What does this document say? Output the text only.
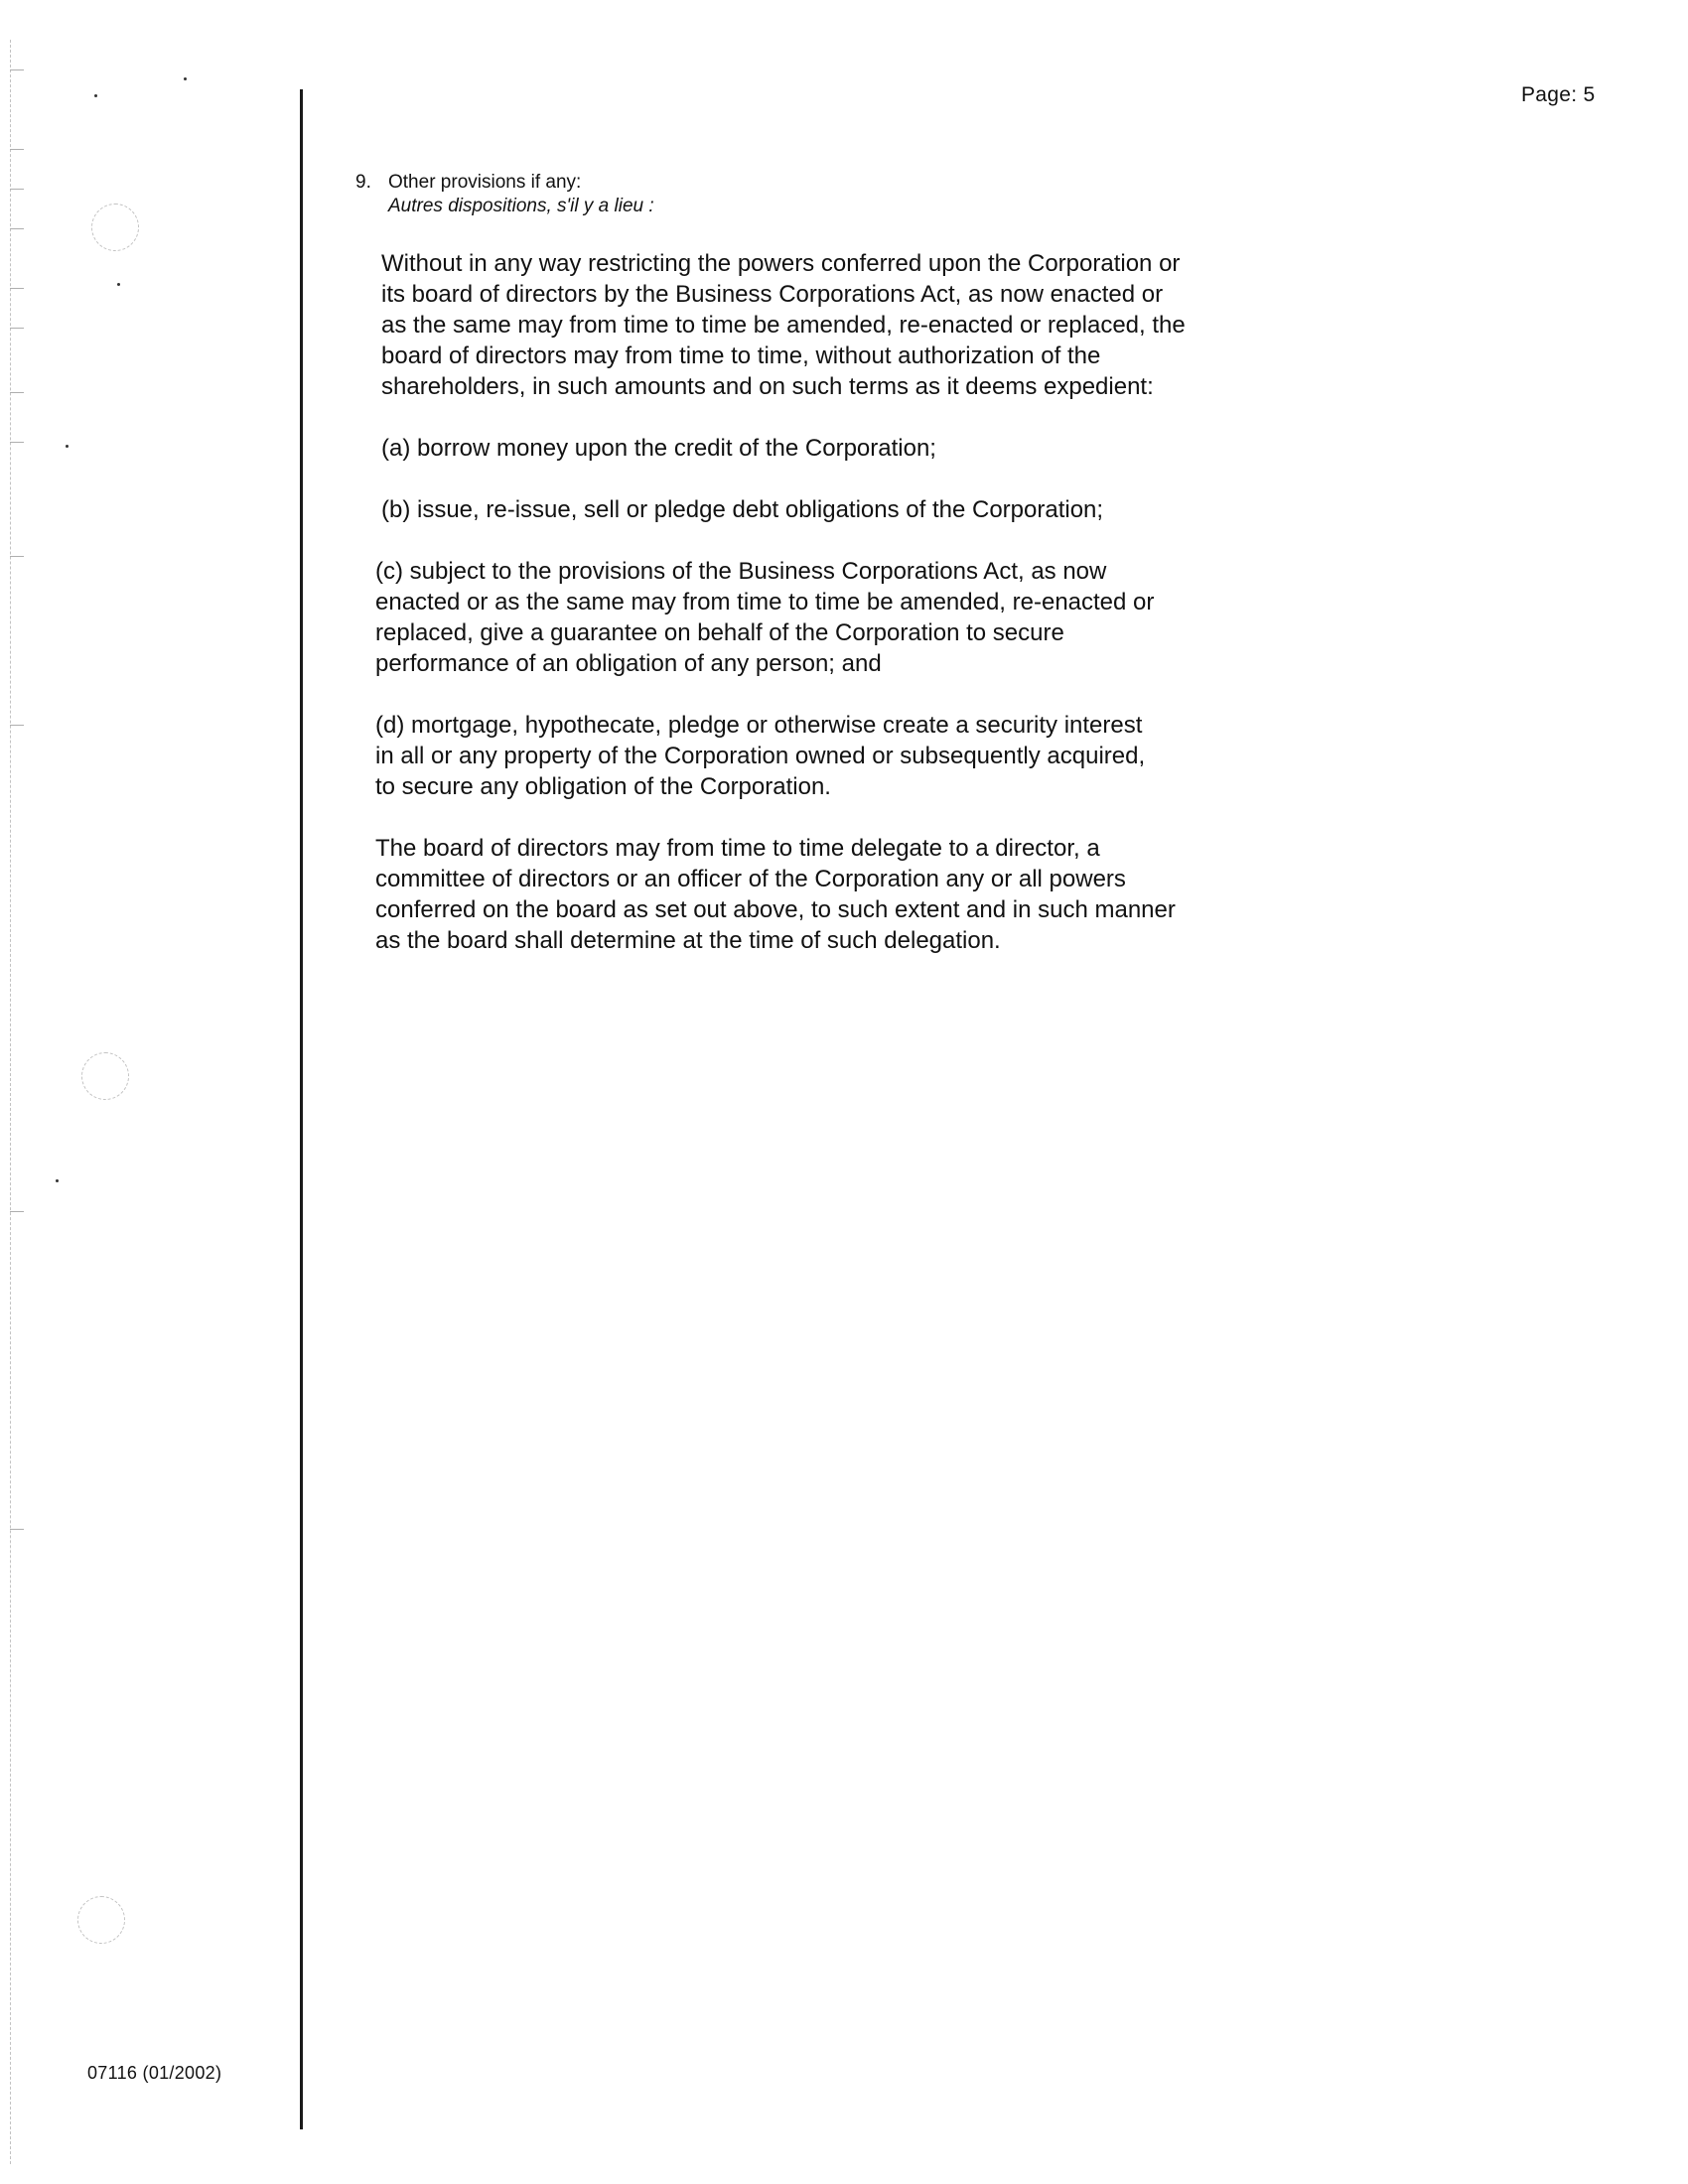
Page: 5
9. Other provisions if any:
Autres dispositions, s'il y a lieu :

Without in any way restricting the powers conferred upon the Corporation or
its board of directors by the Business Corporations Act, as now enacted or
as the same may from time to time be amended, re-enacted or replaced, the
board of directors may from time to time, without authorization of the
shareholders, in such amounts and on such terms as it deems expedient:

(a) borrow money upon the credit of the Corporation;

(b) issue, re-issue, sell or pledge debt obligations of the Corporation;

(c) subject to the provisions of the Business Corporations Act, as now
enacted or as the same may from time to time be amended, re-enacted or
replaced, give a guarantee on behalf of the Corporation to secure
performance of an obligation of any person; and

(d) mortgage, hypothecate, pledge or otherwise create a security interest
in all or any property of the Corporation owned or subsequently acquired,
to secure any obligation of the Corporation.

The board of directors may from time to time delegate to a director, a
committee of directors or an officer of the Corporation any or all powers
conferred on the board as set out above, to such extent and in such manner
as the board shall determine at the time of such delegation.

07116 (01/2002)
